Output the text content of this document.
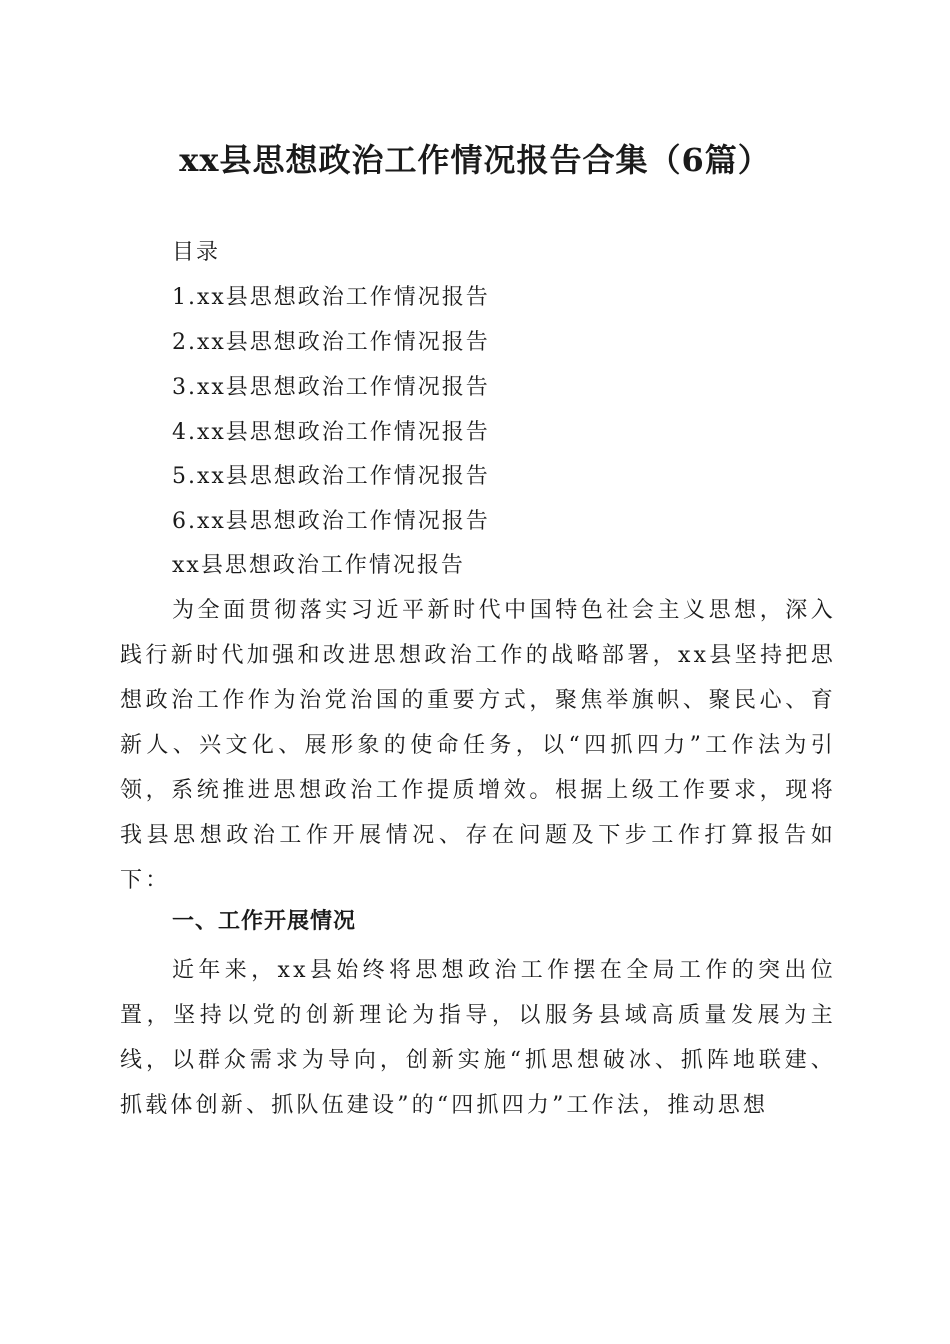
xx县思想政治工作情况报告合集（6篇）
目录
1.xx县思想政治工作情况报告
2.xx县思想政治工作情况报告
3.xx县思想政治工作情况报告
4.xx县思想政治工作情况报告
5.xx县思想政治工作情况报告
6.xx县思想政治工作情况报告
xx县思想政治工作情况报告

为全面贯彻落实习近平新时代中国特色社会主义思想，深入践行新时代加强和改进思想政治工作的战略部署，xx县坚持把思想政治工作作为治党治国的重要方式，聚焦举旗帜、聚民心、育新人、兴文化、展形象的使命任务，以“四抓四力”工作法为引领，系统推进思想政治工作提质增效。根据上级工作要求，现将我县思想政治工作开展情况、存在问题及下步工作打算报告如下：

一、工作开展情况

近年来，xx县始终将思想政治工作摆在全局工作的突出位置，坚持以党的创新理论为指导，以服务县域高质量发展为主线，以群众需求为导向，创新实施“抓思想破冰、抓阵地联建、抓载体创新、抓队伍建设”的“四抓四力”工作法，推动思想
